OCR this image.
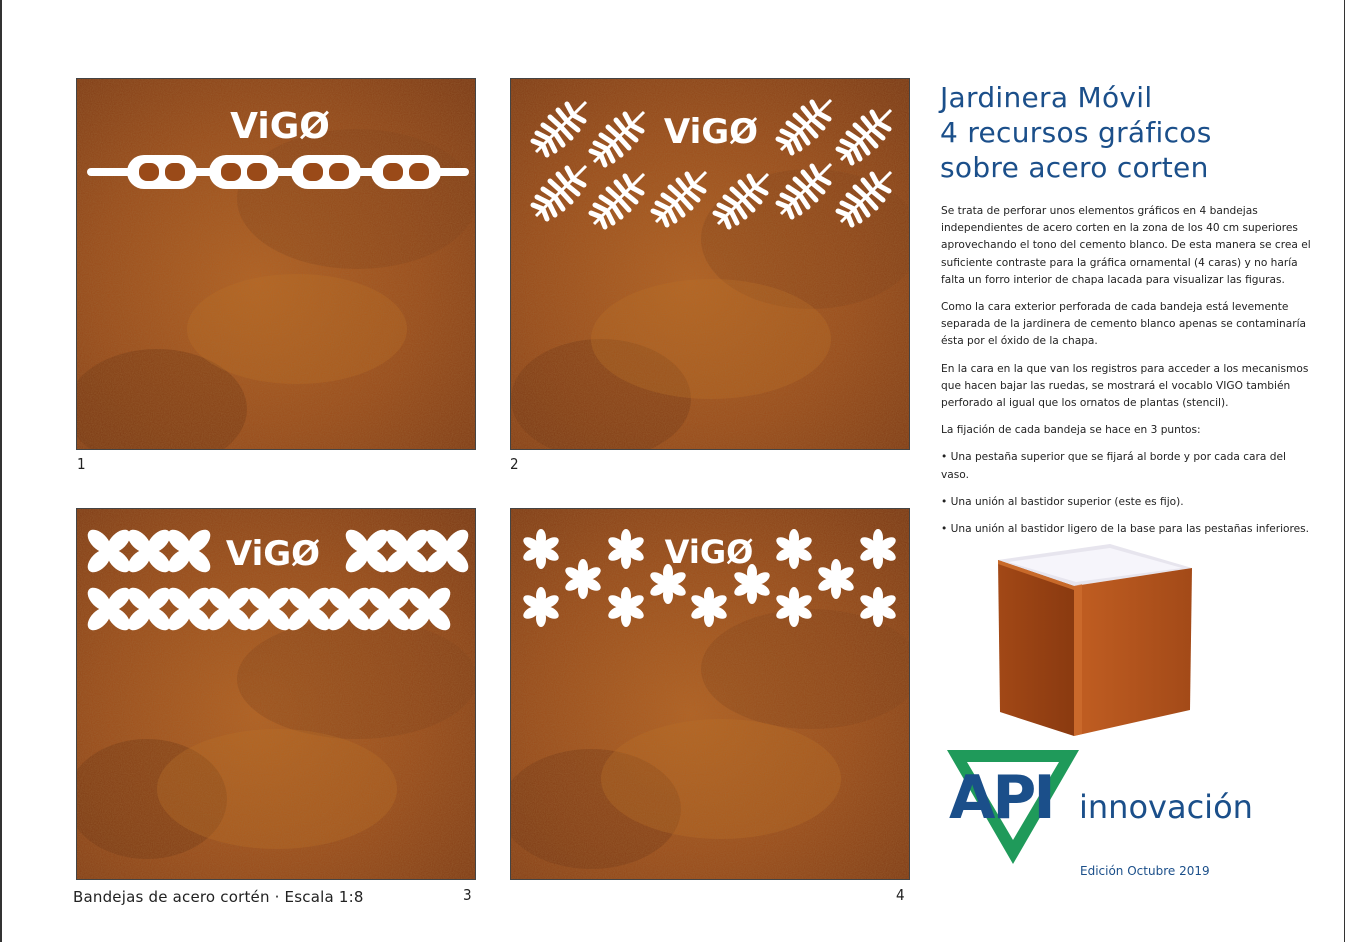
ViGØ
1
ViGØ
2
ViGØ
3
ViGØ
4
Bandejas de acero cortén · Escala 1:8
Jardinera Móvil
4 recursos gráficos
sobre acero corten

Se trata de perforar unos elementos gráficos en 4 bandejas independientes de acero corten en la zona de los 40 cm superiores aprovechando el tono del cemento blanco. De esta manera se crea el suficiente contraste para la gráfica ornamental (4 caras) y no haría falta un forro interior de chapa lacada para visualizar las figuras.

Como la cara exterior perforada de cada bandeja está levemente separada de la jardinera de cemento blanco apenas se contaminaría ésta por el óxido de la chapa.

En la cara en la que van los registros para acceder a los mecanismos que hacen bajar las ruedas, se mostrará el vocablo VIGO también perforado al igual que los ornatos de plantas (stencil).

La fijación de cada bandeja se hace en 3 puntos:

• Una pestaña superior que se fijará al borde y por cada cara del vaso.
• Una unión al bastidor superior (este es fijo).
• Una unión al bastidor ligero de la base para las pestañas inferiores.
API innovación
Edición Octubre 2019
